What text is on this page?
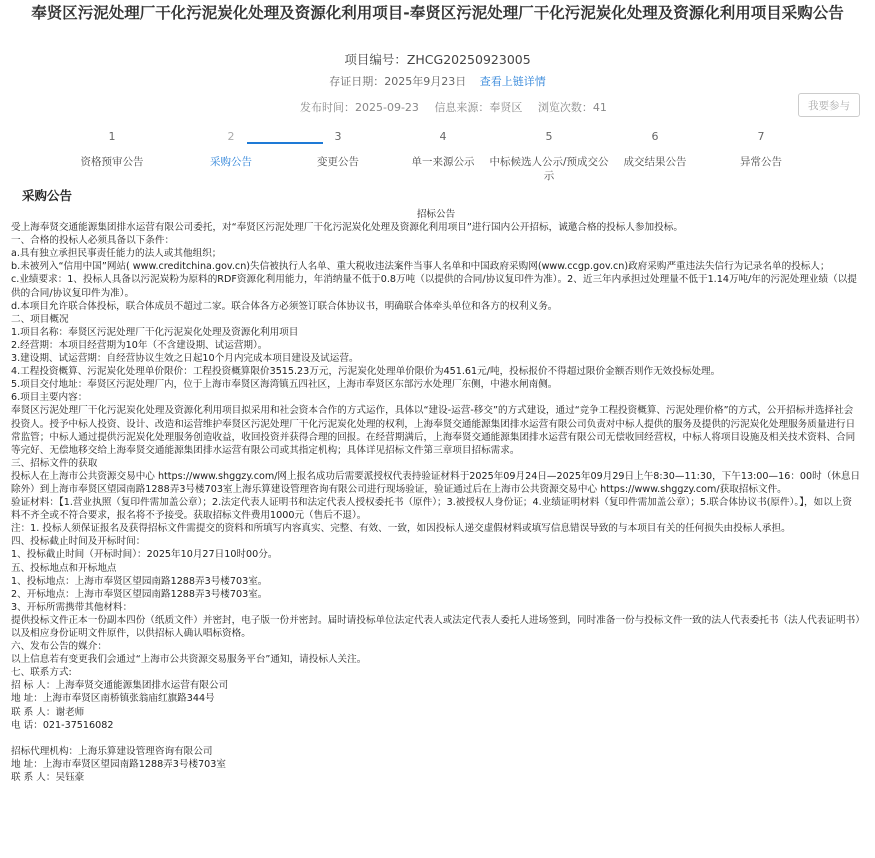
奉贤区污泥处理厂干化污泥炭化处理及资源化利用项目-奉贤区污泥处理厂干化污泥炭化处理及资源化利用项目采购公告
项目编号：ZHCG20250923005
存证日期：2025年9月23日 查看上链详情
发布时间：2025-09-23 信息来源：奉贤区 浏览次数：41	我要参与
1
资格预审公告
2
采购公告
3
变更公告
4
单一来源公示
5
中标候选人公示/预成交公示
6
成交结果公告
7
异常公告
采购公告

招标公告

受上海奉贤交通能源集团排水运营有限公司委托，对“奉贤区污泥处理厂干化污泥炭化处理及资源化利用项目”进行国内公开招标，诚邀合格的投标人参加投标。

一、合格的投标人必须具备以下条件：

a.具有独立承担民事责任能力的法人或其他组织；

b.未被列入“信用中国”网站( www.creditchina.gov.cn)失信被执行人名单、重大税收违法案件当事人名单和中国政府采购网(www.ccgp.gov.cn)政府采购严重违法失信行为记录名单的投标人；

c.业绩要求：1、投标人具备以污泥炭粉为原料的RDF资源化利用能力，年消纳量不低于0.8万吨（以提供的合同/协议复印件为准）。2、近三年内承担过处理量不低于1.14万吨/年的污泥处理业绩（以提供的合同/协议复印件为准）。

d.本项目允许联合体投标，联合体成员不超过二家。联合体各方必须签订联合体协议书，明确联合体牵头单位和各方的权利义务。

二、项目概况

1.项目名称：奉贤区污泥处理厂干化污泥炭化处理及资源化利用项目

2.经营期：本项目经营期为10年（不含建设期、试运营期）。

3.建设期、试运营期：自经营协议生效之日起10个月内完成本项目建设及试运营。

4.工程投资概算、污泥炭化处理单价限价：工程投资概算限价3515.23万元，污泥炭化处理单价限价为451.61元/吨，投标报价不得超过限价金额否则作无效投标处理。

5.项目交付地址：奉贤区污泥处理厂内，位于上海市奉贤区海湾镇五四社区，上海市奉贤区东部污水处理厂东侧，中港水闸南侧。

6.项目主要内容：

奉贤区污泥处理厂干化污泥炭化处理及资源化利用项目拟采用和社会资本合作的方式运作，具体以“建设-运营-移交”的方式建设，通过“竞争工程投资概算、污泥处理价格”的方式，公开招标并选择社会投资人。授予中标人投资、设计、改造和运营维护奉贤区污泥处理厂干化污泥炭化处理的权利，上海奉贤交通能源集团排水运营有限公司负责对中标人提供的服务及提供的污泥炭化处理服务质量进行日常监管；中标人通过提供污泥炭化处理服务创造收益，收回投资并获得合理的回报。在经营期满后，上海奉贤交通能源集团排水运营有限公司无偿收回经营权，中标人将项目设施及相关技术资料、合同等完好、无偿地移交给上海奉贤交通能源集团排水运营有限公司或其指定机构；具体详见招标文件第三章项目招标需求。

三、招标文件的获取

投标人在上海市公共资源交易中心 https://www.shggzy.com/网上报名成功后需要派授权代表持验证材料于2025年09月24日—2025年09月29日上午8:30—11:30，下午13:00—16：00时（休息日除外）到上海市奉贤区望园南路1288弄3号楼703室上海乐算建设管理咨询有限公司进行现场验证，验证通过后在上海市公共资源交易中心 https://www.shggzy.com/获取招标文件。

验证材料：【1.营业执照（复印件需加盖公章）；2.法定代表人证明书和法定代表人授权委托书（原件）；3.被授权人身份证；4.业绩证明材料（复印件需加盖公章）；5.联合体协议书(原件）。】，如以上资料不齐全或不符合要求，报名将不予接受。获取招标文件费用1000元（售后不退）。

注：1. 投标人须保证报名及获得招标文件需提交的资料和所填写内容真实、完整、有效、一致，如因投标人递交虚假材料或填写信息错误导致的与本项目有关的任何损失由投标人承担。

四、投标截止时间及开标时间：

1、投标截止时间（开标时间）：2025年10月27日10时00分。

五、投标地点和开标地点

1、投标地点：上海市奉贤区望园南路1288弄3号楼703室。

2、开标地点：上海市奉贤区望园南路1288弄3号楼703室。

3、开标所需携带其他材料：

提供投标文件正本一份副本四份（纸质文件）并密封，电子版一份并密封。届时请投标单位法定代表人或法定代表人委托人进场签到，同时准备一份与投标文件一致的法人代表委托书（法人代表证明书）以及相应身份证明文件原件，以供招标人确认唱标资格。

六、发布公告的媒介：

以上信息若有变更我们会通过“上海市公共资源交易服务平台”通知，请投标人关注。

七、联系方式:

招 标 人：上海奉贤交通能源集团排水运营有限公司

地 址：上海市奉贤区南桥镇张翁庙红旗路344号

联 系 人：谢老师

电 话：021-37516082

招标代理机构：上海乐算建设管理咨询有限公司

地 址：上海市奉贤区望园南路1288弄3号楼703室

联 系 人：吴钰豪
